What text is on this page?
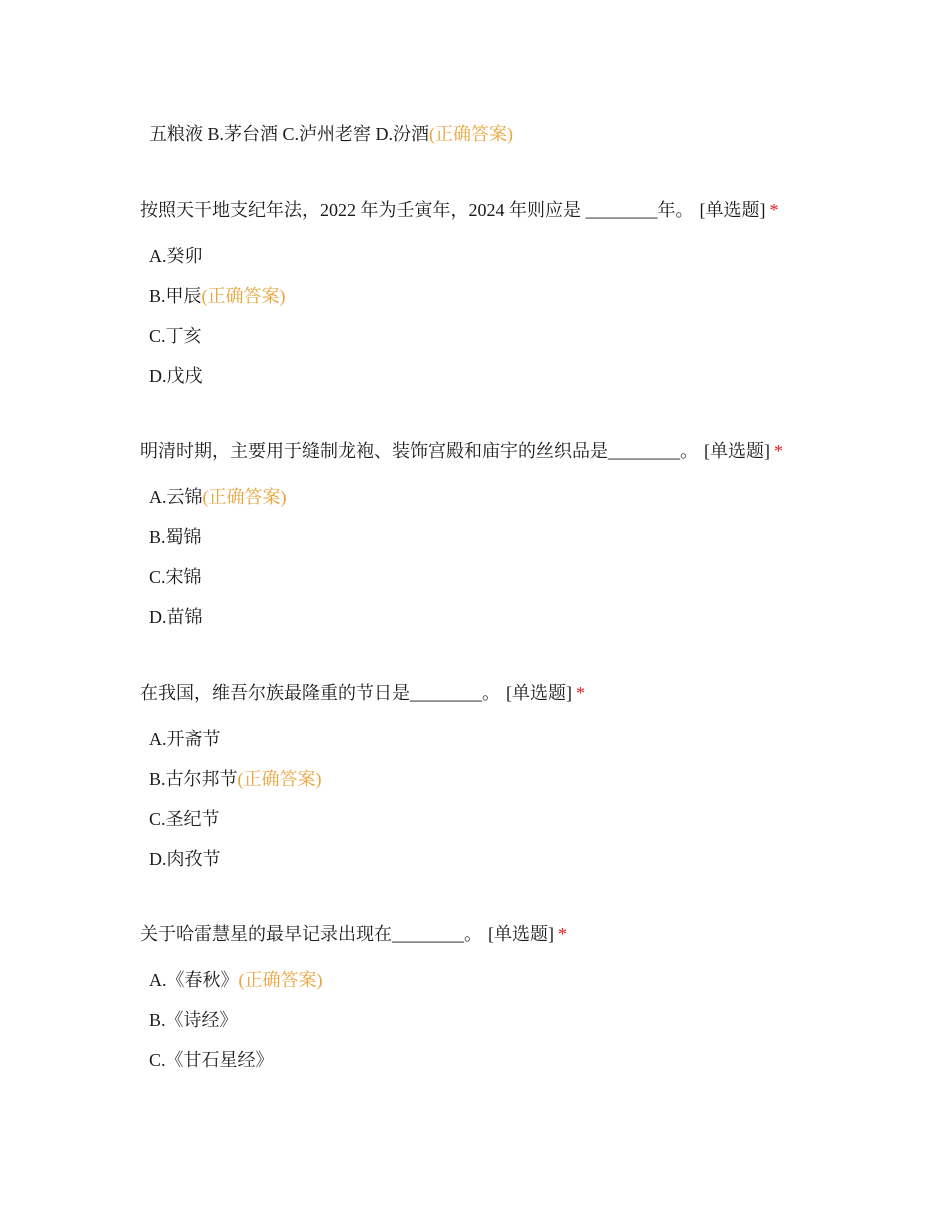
五粮液 B.茅台酒 C.泸州老窖 D.汾酒(正确答案)
按照天干地支纪年法，2022 年为壬寅年，2024 年则应是 ________年。 [单选题] *
A.癸卯
B.甲辰(正确答案)
C.丁亥
D.戊戌
明清时期，主要用于缝制龙袍、装饰宫殿和庙宇的丝织品是________。 [单选题] *
A.云锦(正确答案)
B.蜀锦
C.宋锦
D.苗锦
在我国，维吾尔族最隆重的节日是________。 [单选题] *
A.开斋节
B.古尔邦节(正确答案)
C.圣纪节
D.肉孜节
关于哈雷慧星的最早记录出现在________。 [单选题] *
A.《春秋》(正确答案)
B.《诗经》
C.《甘石星经》
